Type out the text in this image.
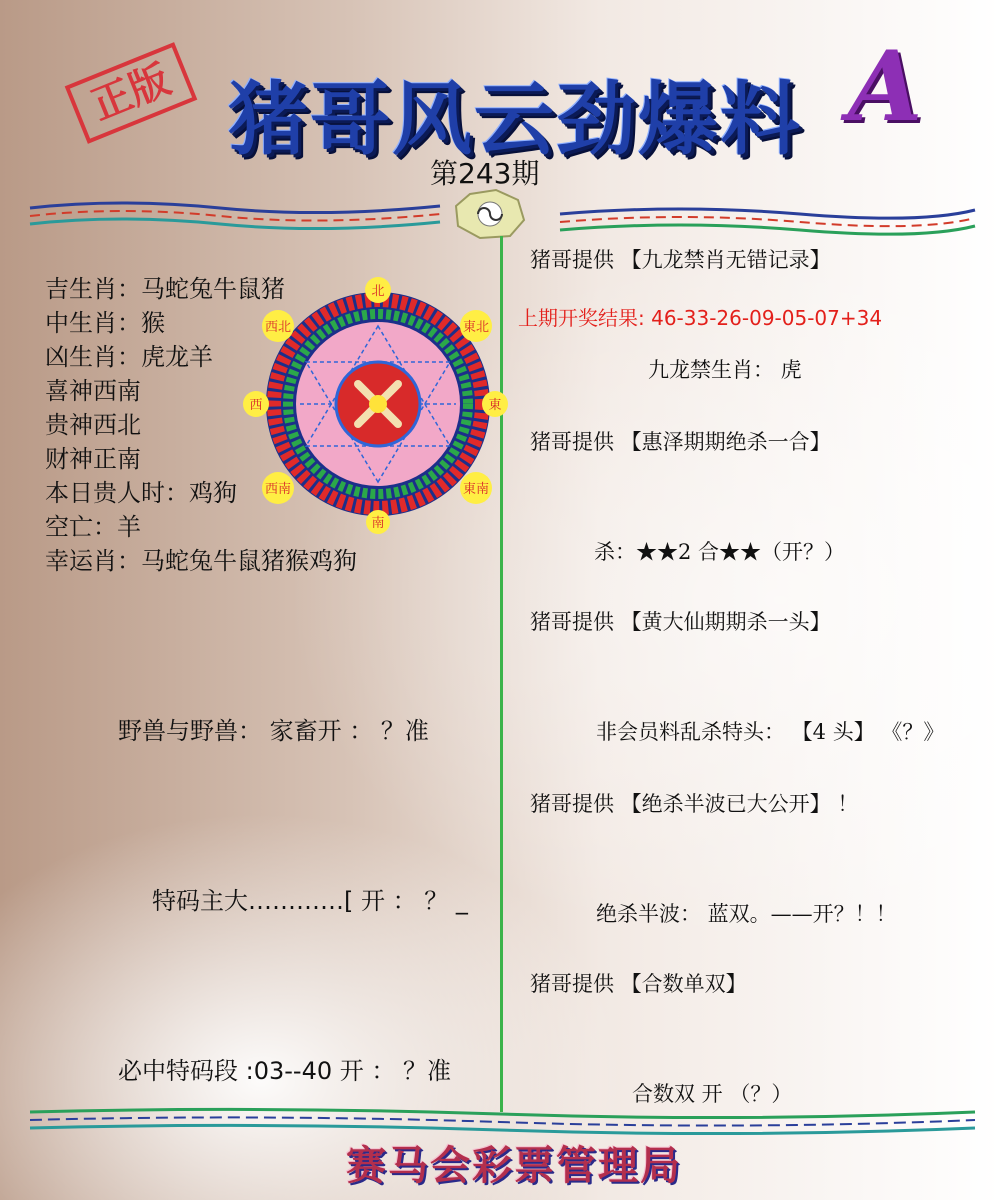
正版 猪哥风云劲爆料 A
第243期
吉生肖：马蛇兔牛鼠猪
中生肖：猴
凶生肖：虎龙羊
喜神西南
贵神西北
财神正南
本日贵人时：鸡狗
空亡：羊
幸运肖：马蛇兔牛鼠猪猴鸡狗
北
東北
東
東南
南
西南
西
西北
野兽与野兽： 家畜开 ： ？准
特码主大…………[ 开 ： ？ _
必中特码段 :03--40 开 ： ？准
猪哥提供 【九龙禁肖无错记录】
上期开奖结果: 46-33-26-09-05-07+34
九龙禁生肖： 虎
猪哥提供 【惠泽期期绝杀一合】
杀：★★2 合★★（开？）
猪哥提供 【黄大仙期期杀一头】
非会员料乱杀特头： 【4 头】 《？》
猪哥提供 【绝杀半波已大公开】 ！
绝杀半波： 蓝双。——开？！！
猪哥提供 【合数单双】
合数双 开 （？）
赛马会彩票管理局
